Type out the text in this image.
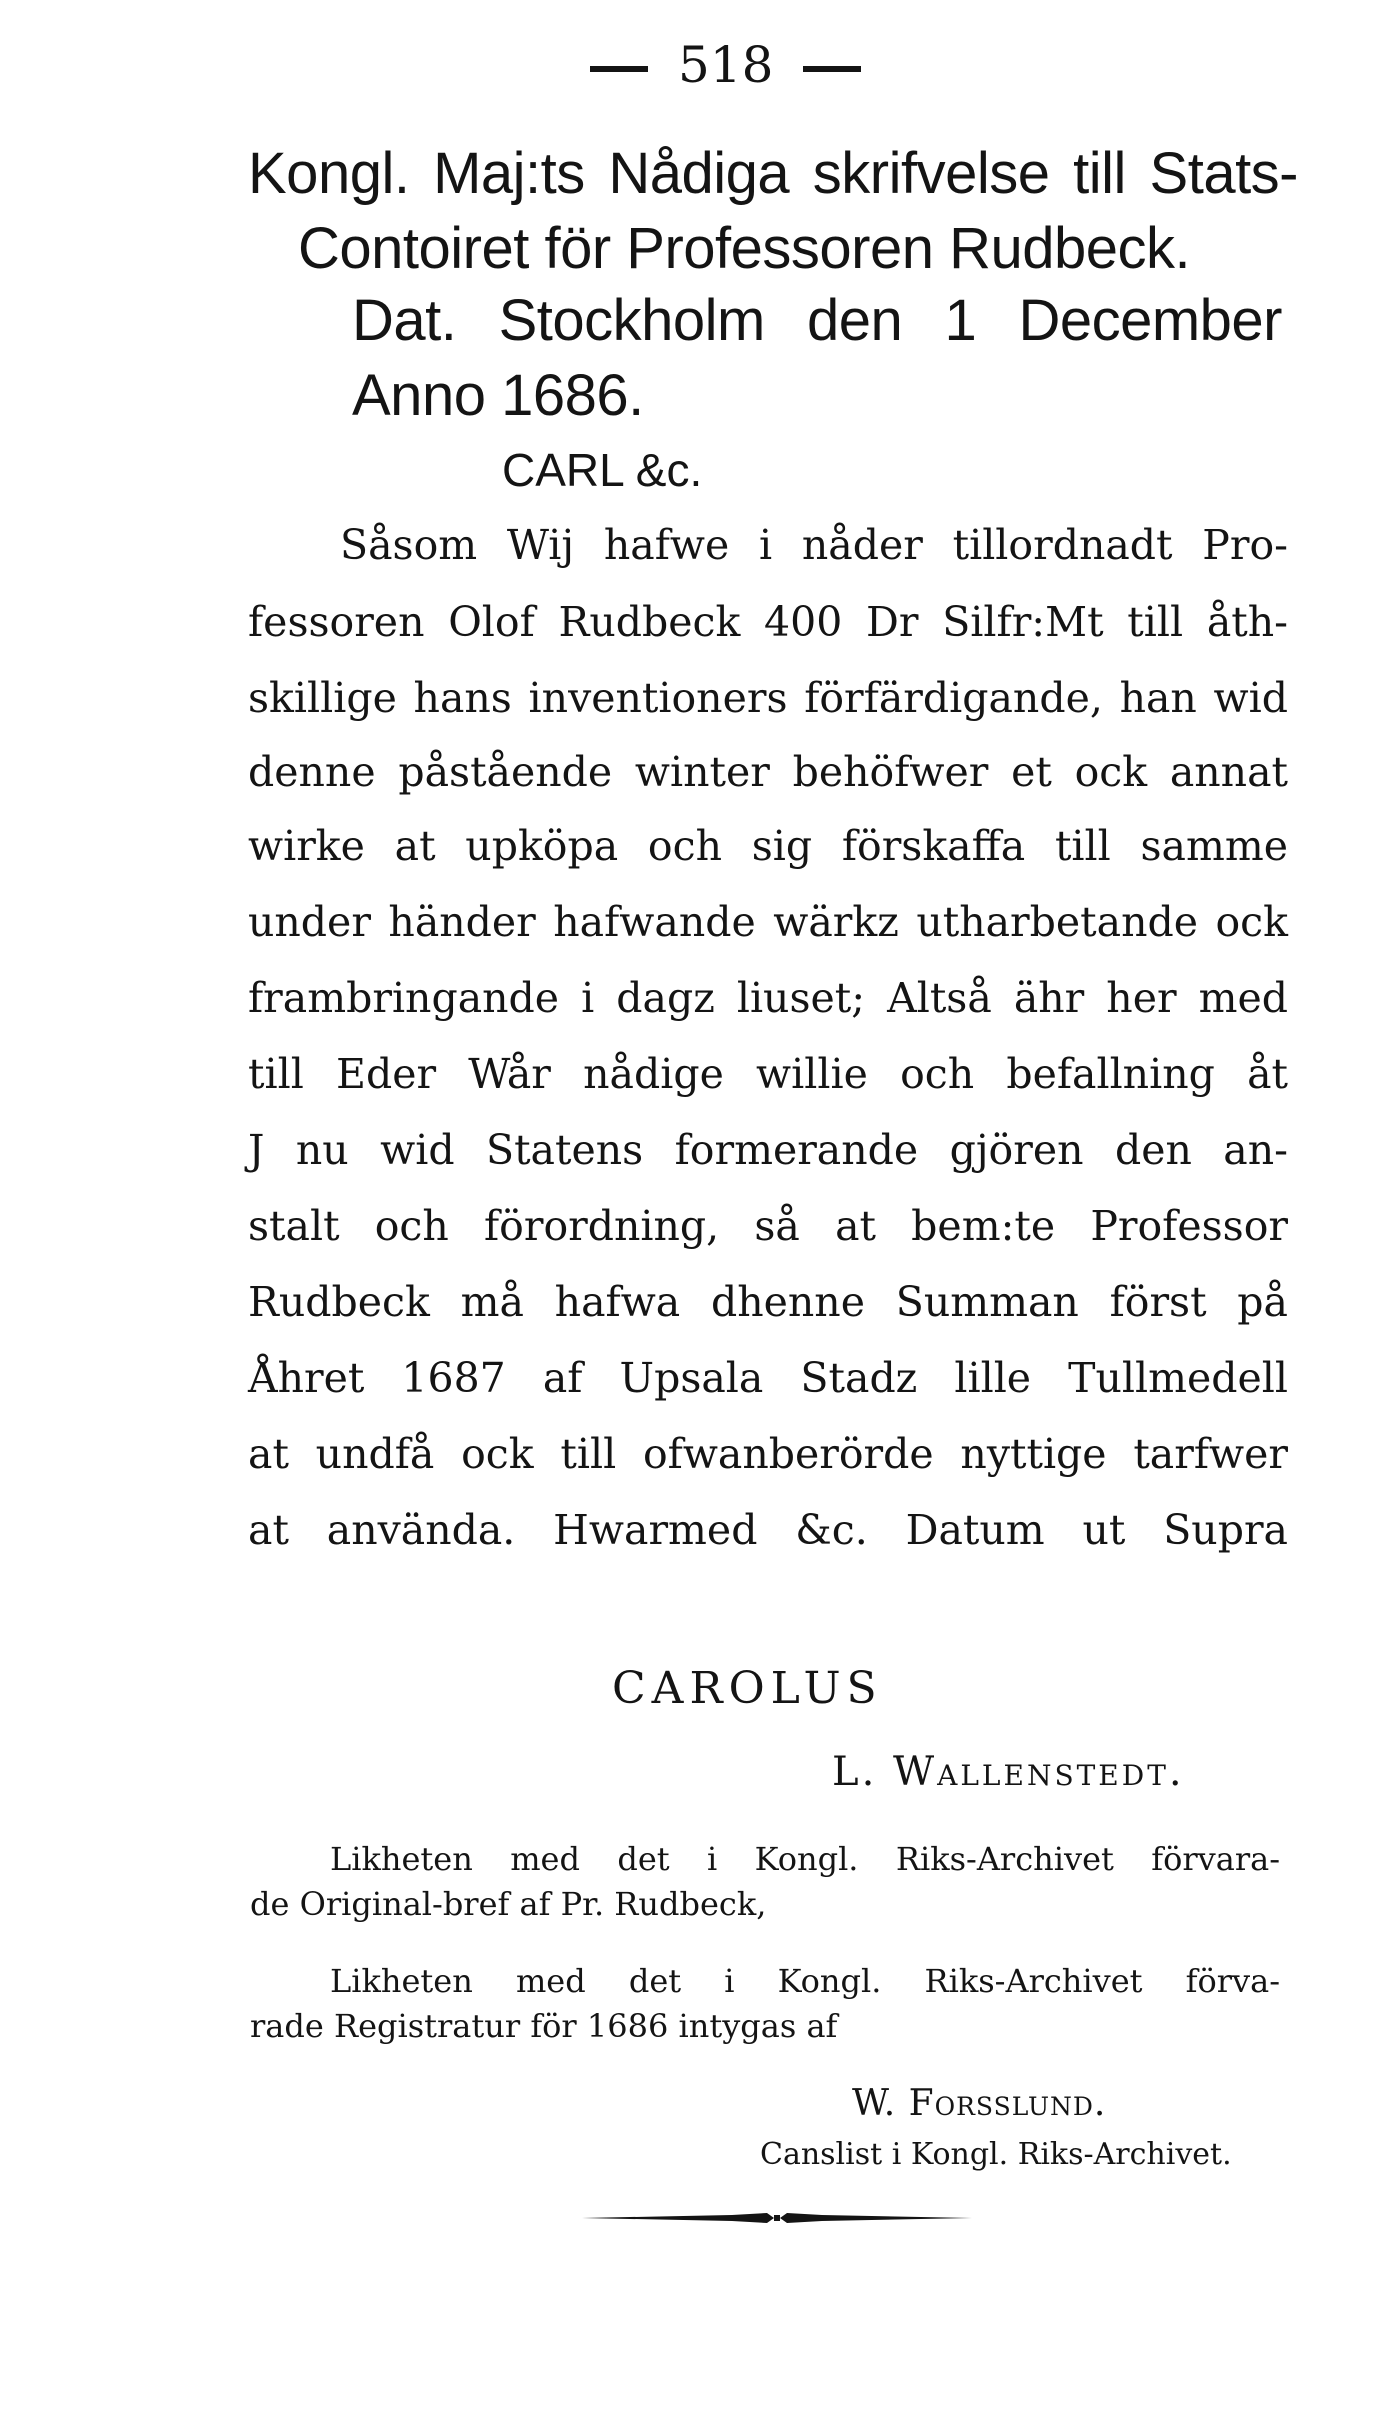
518
Kongl. Maj:ts Nådiga skrifvelse till Stats-
Contoiret för Professoren Rudbeck.
Dat. Stockholm den 1 December
Anno 1686.
CARL &c.
Såsom Wij hafwe i nåder tillordnadt Pro-
fessoren Olof Rudbeck 400 Dr Silfr:Mt till åth-
skillige hans inventioners förfärdigande, han wid
denne påstående winter behöfwer et ock annat
wirke at upköpa och sig förskaffa till samme
under händer hafwande wärkz utharbetande ock
frambringande i dagz liuset; Altså ähr her med
till Eder Wår nådige willie och befallning åt
J nu wid Statens formerande gjören den an-
stalt och förordning, så at bem:te Professor
Rudbeck må hafwa dhenne Summan först på
Åhret 1687 af Upsala Stadz lille Tullmedell
at undfå ock till ofwanberörde nyttige tarfwer
at använda. Hwarmed &c. Datum ut Supra
CAROLUS
L. Wallenstedt.
Likheten med det i Kongl. Riks-Archivet förvara-
de Original-bref af Pr. Rudbeck,
Likheten med det i Kongl. Riks-Archivet förva-
rade Registratur för 1686 intygas af
W. Forsslund.
Canslist i Kongl. Riks-Archivet.
